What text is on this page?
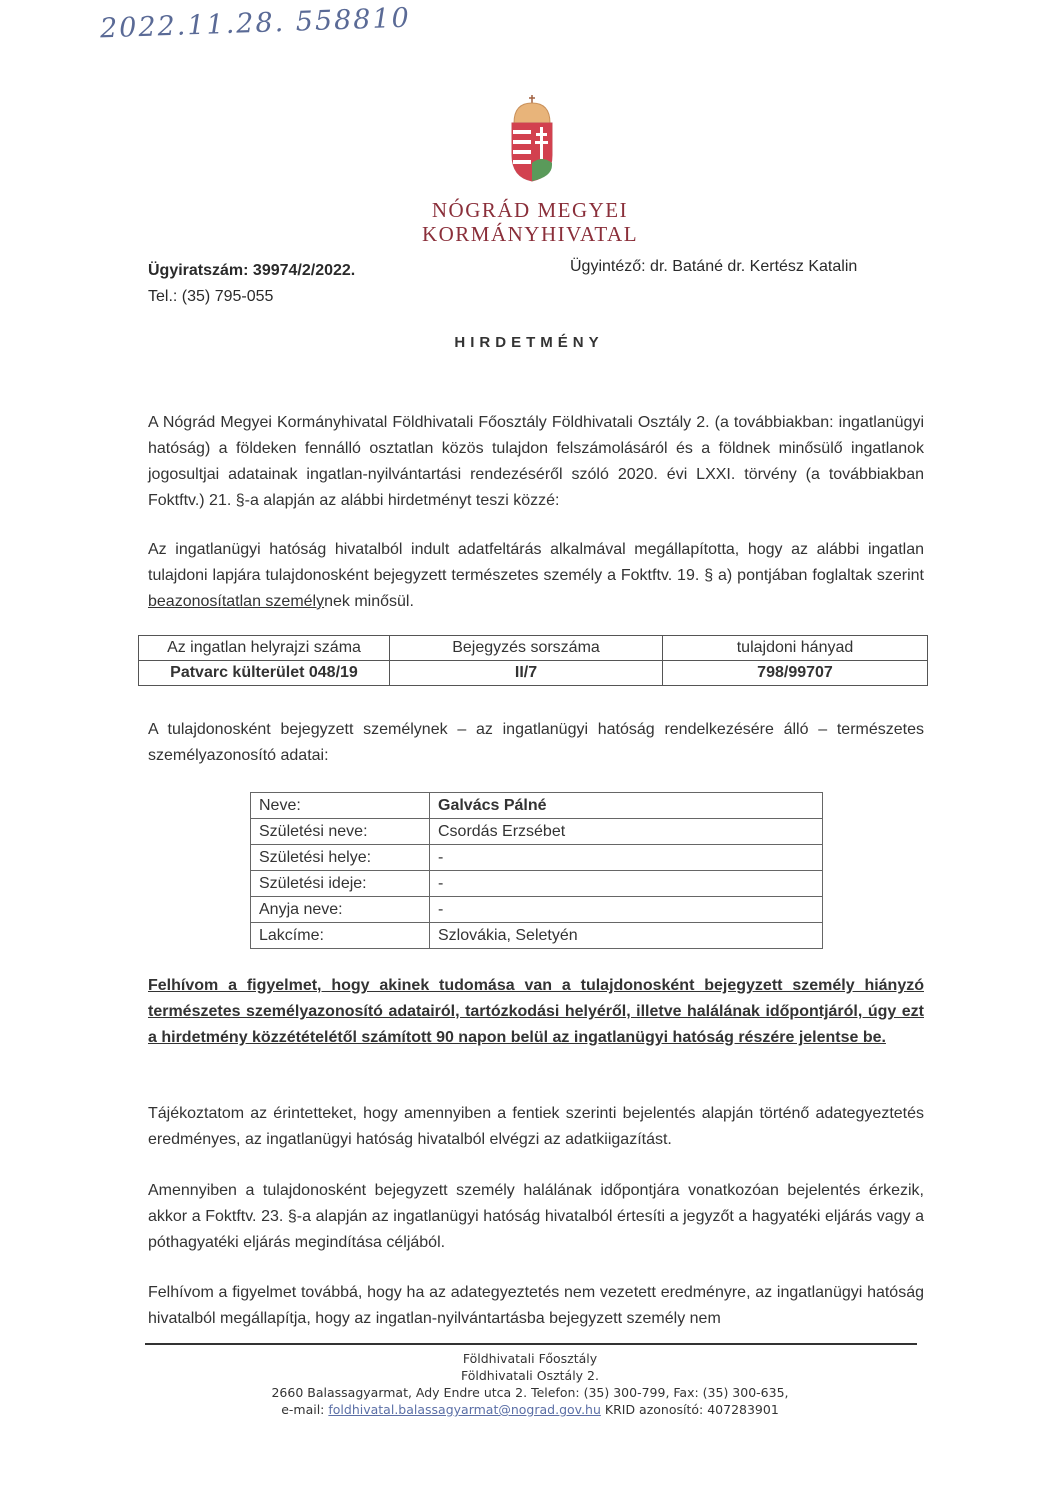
2022.11.28. 558810
NÓGRÁD MEGYEI
KORMÁNYHIVATAL
Ügyiratszám: 39974/2/2022.
Tel.: (35) 795-055
Ügyintéző: dr. Batáné dr. Kertész Katalin
HIRDETMÉNY
A Nógrád Megyei Kormányhivatal Földhivatali Főosztály Földhivatali Osztály 2. (a továbbiakban: ingatlanügyi hatóság) a földeken fennálló osztatlan közös tulajdon felszámolásáról és a földnek minősülő ingatlanok jogosultjai adatainak ingatlan-nyilvántartási rendezéséről szóló 2020. évi LXXI. törvény (a továbbiakban Foktftv.) 21. §-a alapján az alábbi hirdetményt teszi közzé:
Az ingatlanügyi hatóság hivatalból indult adatfeltárás alkalmával megállapította, hogy az alábbi ingatlan tulajdoni lapjára tulajdonosként bejegyzett természetes személy a Foktftv. 19. § a) pontjában foglaltak szerint beazonosítatlan személynek minősül.
Az ingatlan helyrajzi száma	Bejegyzés sorszáma	tulajdoni hányad
Patvarc külterület 048/19	II/7	798/99707
A tulajdonosként bejegyzett személynek – az ingatlanügyi hatóság rendelkezésére álló – természetes személyazonosító adatai:
Neve:	Galvács Pálné
Születési neve:	Csordás Erzsébet
Születési helye:	-
Születési ideje:	-
Anyja neve:	-
Lakcíme:	Szlovákia, Seletyén
Felhívom a figyelmet, hogy akinek tudomása van a tulajdonosként bejegyzett személy hiányzó természetes személyazonosító adatairól, tartózkodási helyéről, illetve halálának időpontjáról, úgy ezt a hirdetmény közzétételétől számított 90 napon belül az ingatlanügyi hatóság részére jelentse be.
Tájékoztatom az érintetteket, hogy amennyiben a fentiek szerinti bejelentés alapján történő adategyeztetés eredményes, az ingatlanügyi hatóság hivatalból elvégzi az adatkiigazítást.
Amennyiben a tulajdonosként bejegyzett személy halálának időpontjára vonatkozóan bejelentés érkezik, akkor a Foktftv. 23. §-a alapján az ingatlanügyi hatóság hivatalból értesíti a jegyzőt a hagyatéki eljárás vagy a póthagyatéki eljárás megindítása céljából.
Felhívom a figyelmet továbbá, hogy ha az adategyeztetés nem vezetett eredményre, az ingatlanügyi hatóság hivatalból megállapítja, hogy az ingatlan-nyilvántartásba bejegyzett személy nem
Földhivatali Főosztály
Földhivatali Osztály 2.
2660 Balassagyarmat, Ady Endre utca 2. Telefon: (35) 300-799, Fax: (35) 300-635,
e-mail: foldhivatal.balassagyarmat@nograd.gov.hu KRID azonosító: 407283901
